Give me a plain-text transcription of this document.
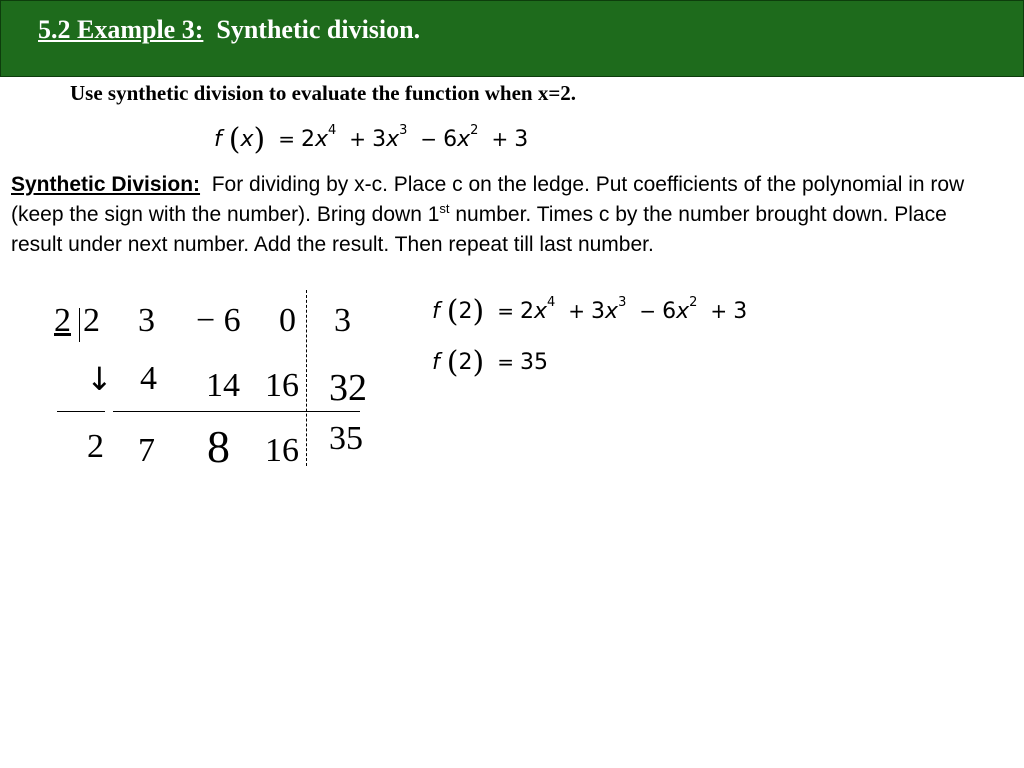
5.2 Example 3: Synthetic division.
Use synthetic division to evaluate the function when x=2.
f $(x) = 2x^4 + 3x^3 - 6x^2 + 3$
Synthetic Division: For dividing by x-c. Place c on the ledge. Put coefficients of the polynomial in row (keep the sign with the number). Bring down 1st number. Times c by the number brought down. Place result under next number. Add the result. Then repeat till last number.
2 2 3 − 6 0 3
↓ 4 14 16 32
2 7 8 16 35
f $(2) = 2x^4 + 3x^3 - 6x^2 + 3$
f (2) = 35
